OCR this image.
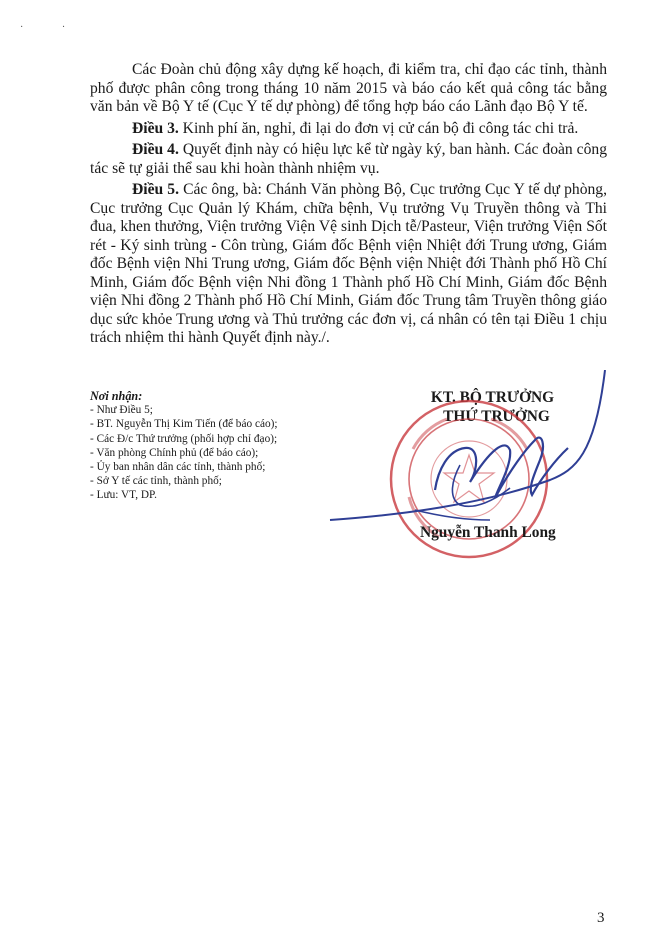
· ·

Các Đoàn chủ động xây dựng kế hoạch, đi kiểm tra, chỉ đạo các tỉnh, thành phố được phân công trong tháng 10 năm 2015 và báo cáo kết quả công tác bằng văn bản về Bộ Y tế (Cục Y tế dự phòng) để tổng hợp báo cáo Lãnh đạo Bộ Y tế.

Điều 3. Kinh phí ăn, nghỉ, đi lại do đơn vị cử cán bộ đi công tác chi trả.

Điều 4. Quyết định này có hiệu lực kể từ ngày ký, ban hành. Các đoàn công tác sẽ tự giải thể sau khi hoàn thành nhiệm vụ.

Điều 5. Các ông, bà: Chánh Văn phòng Bộ, Cục trưởng Cục Y tế dự phòng, Cục trưởng Cục Quản lý Khám, chữa bệnh, Vụ trưởng Vụ Truyền thông và Thi đua, khen thưởng, Viện trưởng Viện Vệ sinh Dịch tễ/Pasteur, Viện trưởng Viện Sốt rét - Ký sinh trùng - Côn trùng, Giám đốc Bệnh viện Nhiệt đới Trung ương, Giám đốc Bệnh viện Nhi Trung ương, Giám đốc Bệnh viện Nhiệt đới Thành phố Hồ Chí Minh, Giám đốc Bệnh viện Nhi đồng 1 Thành phố Hồ Chí Minh, Giám đốc Bệnh viện Nhi đồng 2 Thành phố Hồ Chí Minh, Giám đốc Trung tâm Truyền thông giáo dục sức khỏe Trung ương và Thủ trưởng các đơn vị, cá nhân có tên tại Điều 1 chịu trách nhiệm thi hành Quyết định này./.

Nơi nhận:
- Như Điều 5;
- BT. Nguyễn Thị Kim Tiến (để báo cáo);
- Các Đ/c Thứ trưởng (phối hợp chỉ đạo);
- Văn phòng Chính phủ (để báo cáo);
- Ủy ban nhân dân các tỉnh, thành phố;
- Sở Y tế các tỉnh, thành phố;
- Lưu: VT, DP.
KT. BỘ TRƯỞNG
THỨ TRƯỞNG
Nguyễn Thanh Long
3
